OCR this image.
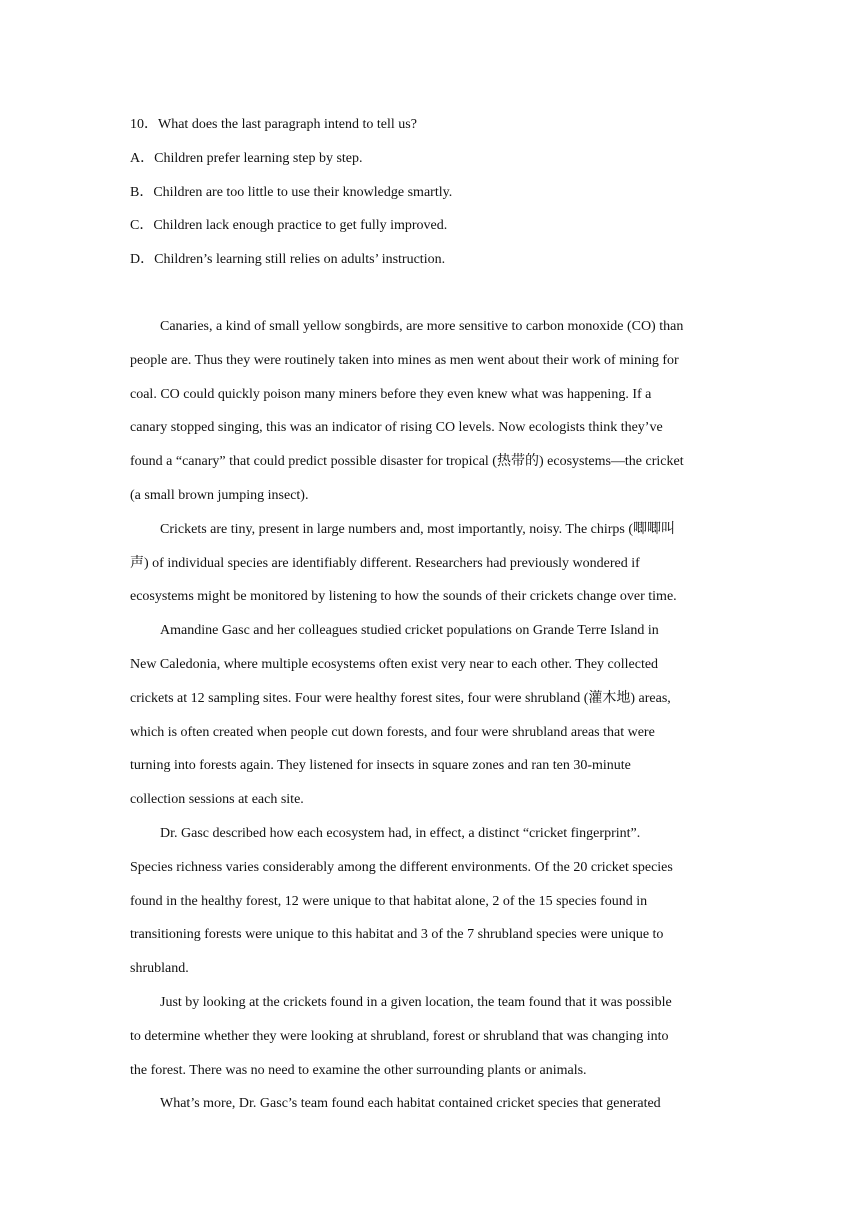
10．What does the last paragraph intend to tell us?

A．Children prefer learning step by step.
B．Children are too little to use their knowledge smartly.
C．Children lack enough practice to get fully improved.
D．Children’s learning still relies on adults’ instruction.

Canaries, a kind of small yellow songbirds, are more sensitive to carbon monoxide (CO) than
people are. Thus they were routinely taken into mines as men went about their work of mining for
coal. CO could quickly poison many miners before they even knew what was happening. If a
canary stopped singing, this was an indicator of rising CO levels. Now ecologists think they’ve
found a “canary” that could predict possible disaster for tropical (热带的) ecosystems—the cricket
(a small brown jumping insect).

Crickets are tiny, present in large numbers and, most importantly, noisy. The chirps (唧唧叫
声) of individual species are identifiably different. Researchers had previously wondered if
ecosystems might be monitored by listening to how the sounds of their crickets change over time.

Amandine Gasc and her colleagues studied cricket populations on Grande Terre Island in
New Caledonia, where multiple ecosystems often exist very near to each other. They collected
crickets at 12 sampling sites. Four were healthy forest sites, four were shrubland (灌木地) areas,
which is often created when people cut down forests, and four were shrubland areas that were
turning into forests again. They listened for insects in square zones and ran ten 30-minute
collection sessions at each site.

Dr. Gasc described how each ecosystem had, in effect, a distinct “cricket fingerprint”.
Species richness varies considerably among the different environments. Of the 20 cricket species
found in the healthy forest, 12 were unique to that habitat alone, 2 of the 15 species found in
transitioning forests were unique to this habitat and 3 of the 7 shrubland species were unique to
shrubland.

Just by looking at the crickets found in a given location, the team found that it was possible
to determine whether they were looking at shrubland, forest or shrubland that was changing into
the forest. There was no need to examine the other surrounding plants or animals.

What’s more, Dr. Gasc’s team found each habitat contained cricket species that generated
